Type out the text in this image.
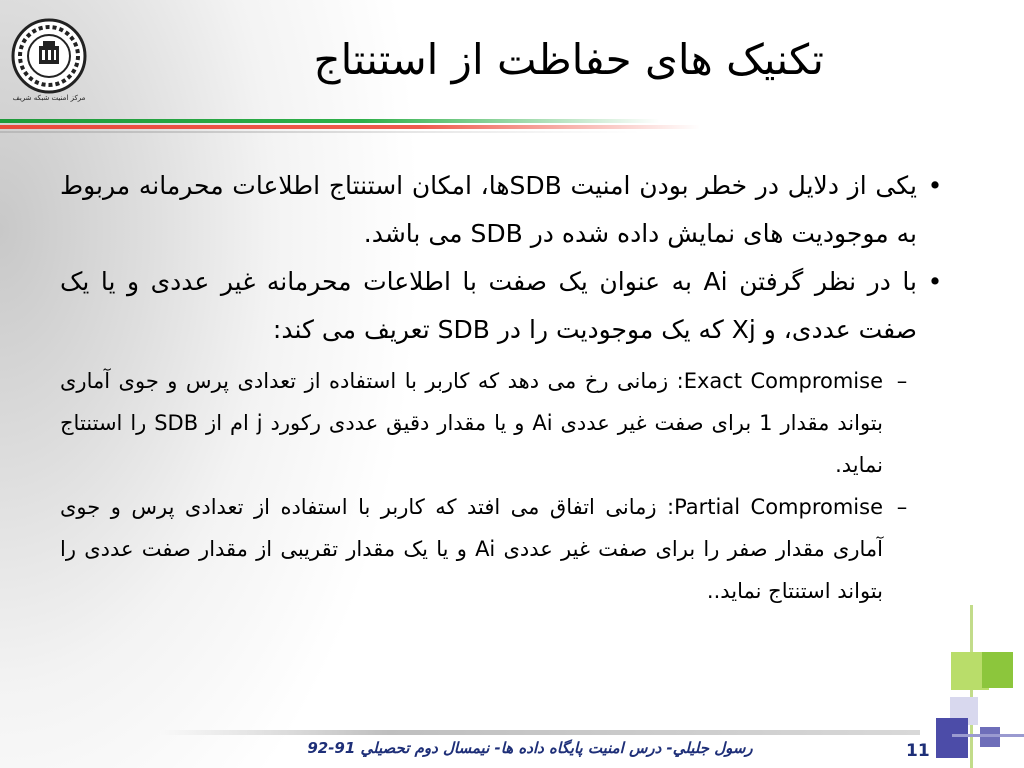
مرکز امنیت شبکه شریف
تکنیک های حفاظت از استنتاج
•
یکی از دلایل در خطر بودن امنیت SDBها، امکان استنتاج اطلاعات محرمانه مربوط به موجودیت های نمایش داده شده در SDB می باشد.
•
با در نظر گرفتن Ai به عنوان یک صفت با اطلاعات محرمانه غیر عددی و یا یک صفت عددی، و Xj که یک موجودیت را در SDB تعریف می کند:
–
Exact Compromise: زمانی رخ می دهد که کاربر با استفاده از تعدادی پرس و جوی آماری بتواند مقدار 1 برای صفت غیر عددی Ai و یا مقدار دقیق عددی رکورد j ام از SDB را استنتاج نماید.
–
Partial Compromise: زمانی اتفاق می افتد که کاربر با استفاده از تعدادی پرس و جوی آماری مقدار صفر را برای صفت غیر عددی Ai و یا یک مقدار تقریبی از مقدار صفت عددی را بتواند استنتاج نماید..
رسول جليلي- درس امنيت پايگاه داده ها- نيمسال دوم تحصيلي 91-92	11
